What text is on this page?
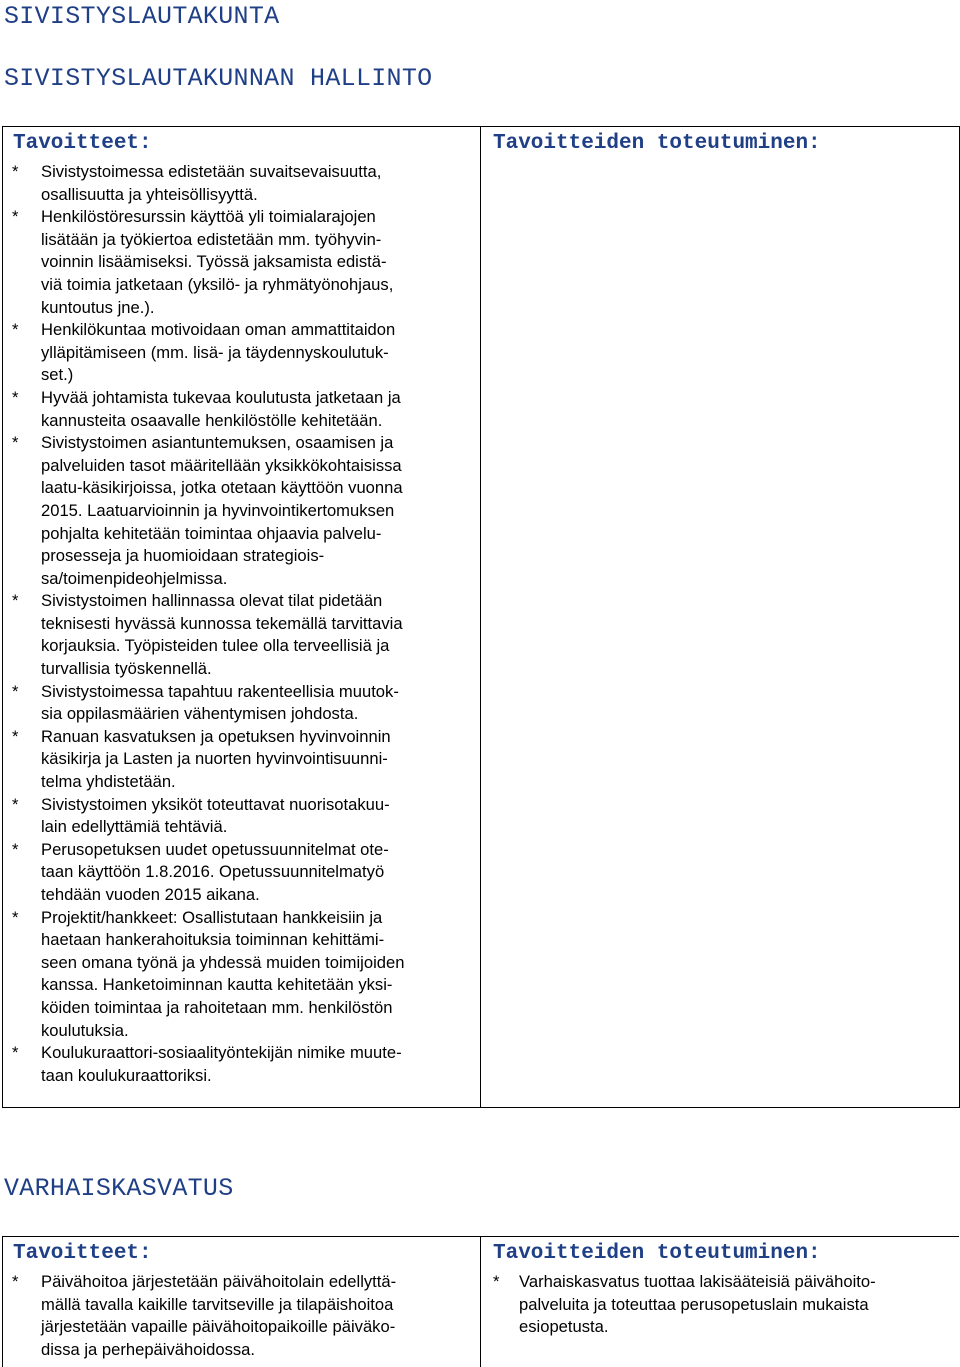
SIVISTYSLAUTAKUNTA
SIVISTYSLAUTAKUNNAN HALLINTO
Tavoitteet:
* Sivistystoimessa edistetään suvaitsevaisuutta,
osallisuutta ja yhteisöllisyyttä.
* Henkilöstöresurssin käyttöä yli toimialarajojen
lisätään ja työkiertoa edistetään mm. työhyvin-
voinnin lisäämiseksi. Työssä jaksamista edistä-
viä toimia jatketaan (yksilö- ja ryhmätyönohjaus,
kuntoutus jne.).
* Henkilökuntaa motivoidaan oman ammattitaidon
ylläpitämiseen (mm. lisä- ja täydennyskoulutuk-
set.)
* Hyvää johtamista tukevaa koulutusta jatketaan ja
kannusteita osaavalle henkilöstölle kehitetään.
* Sivistystoimen asiantuntemuksen, osaamisen ja
palveluiden tasot määritellään yksikkökohtaisissa
laatu-käsikirjoissa, jotka otetaan käyttöön vuonna
2015. Laatuarvioinnin ja hyvinvointikertomuksen
pohjalta kehitetään toimintaa ohjaavia palvelu-
prosesseja ja huomioidaan strategiois-
sa/toimenpideohjelmissa.
* Sivistystoimen hallinnassa olevat tilat pidetään
teknisesti hyvässä kunnossa tekemällä tarvittavia
korjauksia. Työpisteiden tulee olla terveellisiä ja
turvallisia työskennellä.
* Sivistystoimessa tapahtuu rakenteellisia muutok-
sia oppilasmäärien vähentymisen johdosta.
* Ranuan kasvatuksen ja opetuksen hyvinvoinnin
käsikirja ja Lasten ja nuorten hyvinvointisuunni-
telma yhdistetään.
* Sivistystoimen yksiköt toteuttavat nuorisotakuu-
lain edellyttämiä tehtäviä.
* Perusopetuksen uudet opetussuunnitelmat ote-
taan käyttöön 1.8.2016. Opetussuunnitelmatyö
tehdään vuoden 2015 aikana.
* Projektit/hankkeet: Osallistutaan hankkeisiin ja
haetaan hankerahoituksia toiminnan kehittämi-
seen omana työnä ja yhdessä muiden toimijoiden
kanssa. Hanketoiminnan kautta kehitetään yksi-
köiden toimintaa ja rahoitetaan mm. henkilöstön
koulutuksia.
* Koulukuraattori-sosiaalityöntekijän nimike muute-
taan koulukuraattoriksi.
Tavoitteiden toteutuminen:
VARHAISKASVATUS
Tavoitteet:
* Päivähoitoa järjestetään päivähoitolain edellyttä-
mällä tavalla kaikille tarvitseville ja tilapäishoitoa
järjestetään vapaille päivähoitopaikoille päiväko-
dissa ja perhepäivähoidossa.
Tavoitteiden toteutuminen:
* Varhaiskasvatus tuottaa lakisääteisiä päivähoito-
palveluita ja toteuttaa perusopetuslain mukaista
esiopetusta.
